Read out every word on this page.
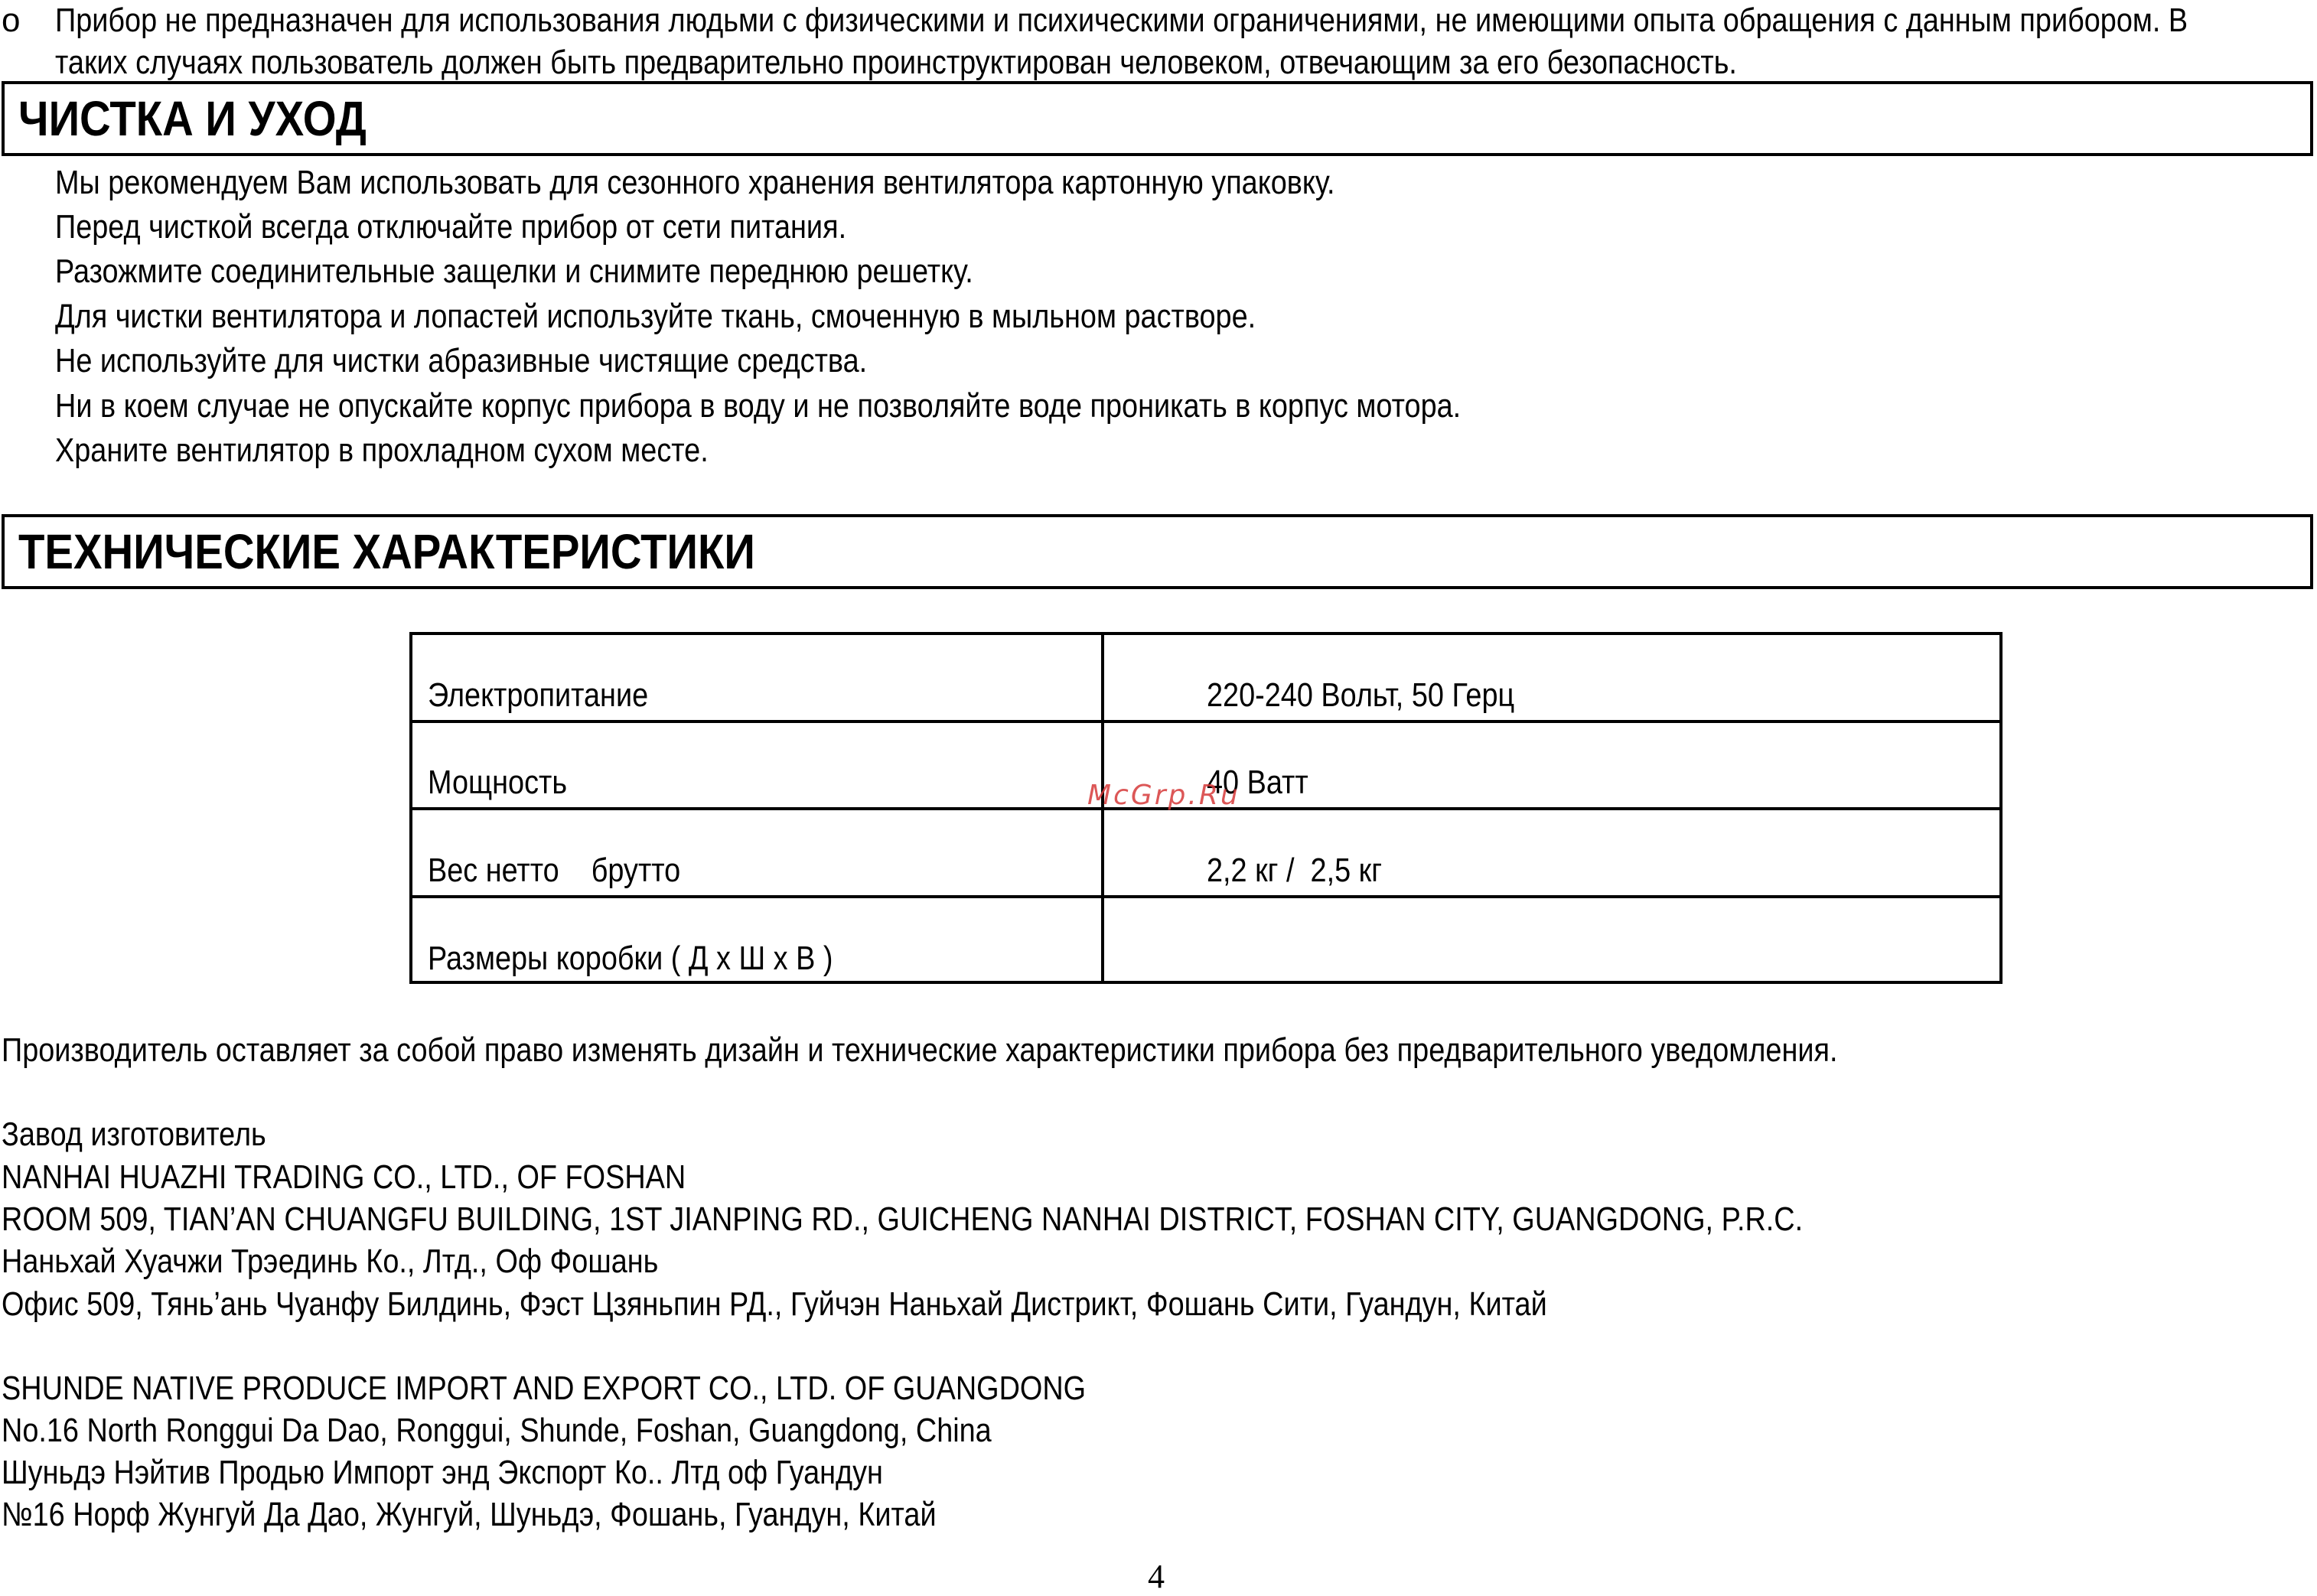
o Прибор не предназначен для использования людьми с физическими и психическими ограничениями, не имеющими опыта обращения с данным прибором. В
таких случаях пользователь должен быть предварительно проинструктирован человеком, отвечающим за его безопасность.
ЧИСТКА И УХОД
Мы рекомендуем Вам использовать для сезонного хранения вентилятора картонную упаковку.
Перед чисткой всегда отключайте прибор от сети питания.
Разожмите соединительные защелки и снимите переднюю решетку.
Для чистки вентилятора и лопастей используйте ткань, смоченную в мыльном растворе.
Не используйте для чистки абразивные чистящие средства.
Ни в коем случае не опускайте корпус прибора в воду и не позволяйте воде проникать в корпус мотора.
Храните вентилятор в прохладном сухом месте.
ТЕХНИЧЕСКИЕ ХАРАКТЕРИСТИКИ
Электропитание	220-240 Вольт, 50 Герц
Мощность	40 Ватт
Вес нетто    брутто	2,2 кг /  2,5 кг
Размеры коробки ( Д х Ш х В )
McGrp.Ru
Производитель оставляет за собой право изменять дизайн и технические характеристики прибора без предварительного уведомления.
Завод изготовитель
NANHAI HUAZHI TRADING CO., LTD., OF FOSHAN
ROOM 509, TIAN’AN CHUANGFU BUILDING, 1ST JIANPING RD., GUICHENG NANHAI DISTRICT, FOSHAN CITY, GUANGDONG, P.R.C.
Наньхай Хуачжи Трэединь Ко., Лтд., Оф Фошань
Офис 509, Тянь’ань Чуанфу Билдинь, Фэст Цзяньпин РД., Гуйчэн Наньхай Дистрикт, Фошань Сити, Гуандун, Китай
SHUNDE NATIVE PRODUCE IMPORT AND EXPORT CO., LTD. OF GUANGDONG
No.16 North Ronggui Da Dao, Ronggui, Shunde, Foshan, Guangdong, China
Шуньдэ Нэйтив Продью Импорт энд Экспорт Ко.. Лтд оф Гуандун
№16 Норф Жунгуй Да Дао, Жунгуй, Шуньдэ, Фошань, Гуандун, Китай
4
